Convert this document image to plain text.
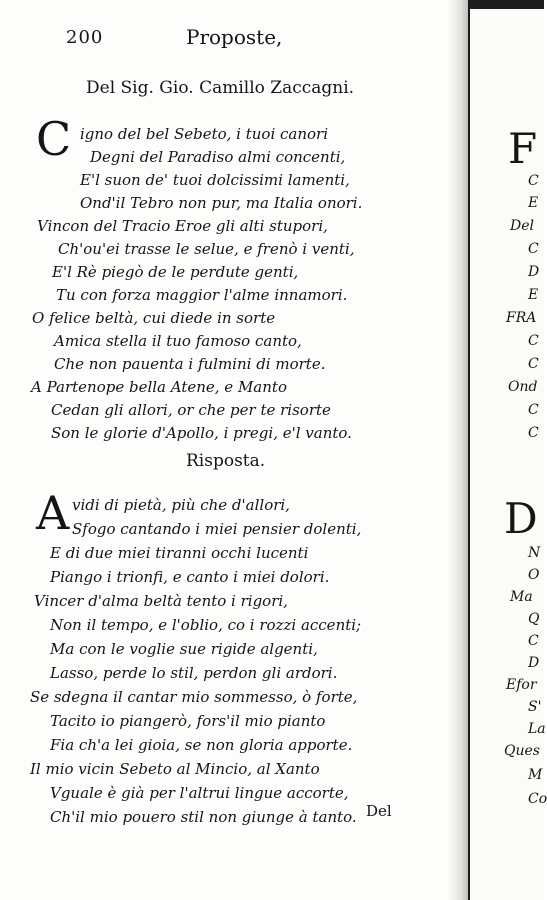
200	Proposte,
Del Sig. Gio. Camillo Zaccagni.
C igno del bel Sebeto, i tuoi canori
Degni del Paradiso almi concenti,
E'l suon de' tuoi dolcissimi lamenti,
Ond'il Tebro non pur, ma Italia onori.
Vincon del Tracio Eroe gli alti stupori,
Ch'ou'ei trasse le selue, e frenò i venti,
E'l Rè piegò de le perdute genti,
Tu con forza maggior l'alme innamori.
O felice beltà, cui diede in sorte
Amica stella il tuo famoso canto,
Che non pauenta i fulmini di morte.
A Partenope bella Atene, e Manto
Cedan gli allori, or che per te risorte
Son le glorie d'Apollo, i pregi, e'l vanto.
Risposta.
A vidi di pietà, più che d'allori,
Sfogo cantando i miei pensier dolenti,
E di due miei tiranni occhi lucenti
Piango i trionfi, e canto i miei dolori.
Vincer d'alma beltà tento i rigori,
Non il tempo, e l'oblio, co i rozzi accenti;
Ma con le voglie sue rigide algenti,
Lasso, perde lo stil, perdon gli ardori.
Se sdegna il cantar mio sommesso, ò forte,
Tacito io piangerò, fors'il mio pianto
Fia ch'a lei gioia, se non gloria apporte.
Il mio vicin Sebeto al Mincio, al Xanto
Vguale è già per l'altrui lingue accorte,
Ch'il mio pouero stil non giunge à tanto. Del
F
C
E
Del
C
D
E
FRA
C
C
Ond
C
C
D
N
O
Ma
Q
C
D
Efor
S'
La
Ques
M
Co
